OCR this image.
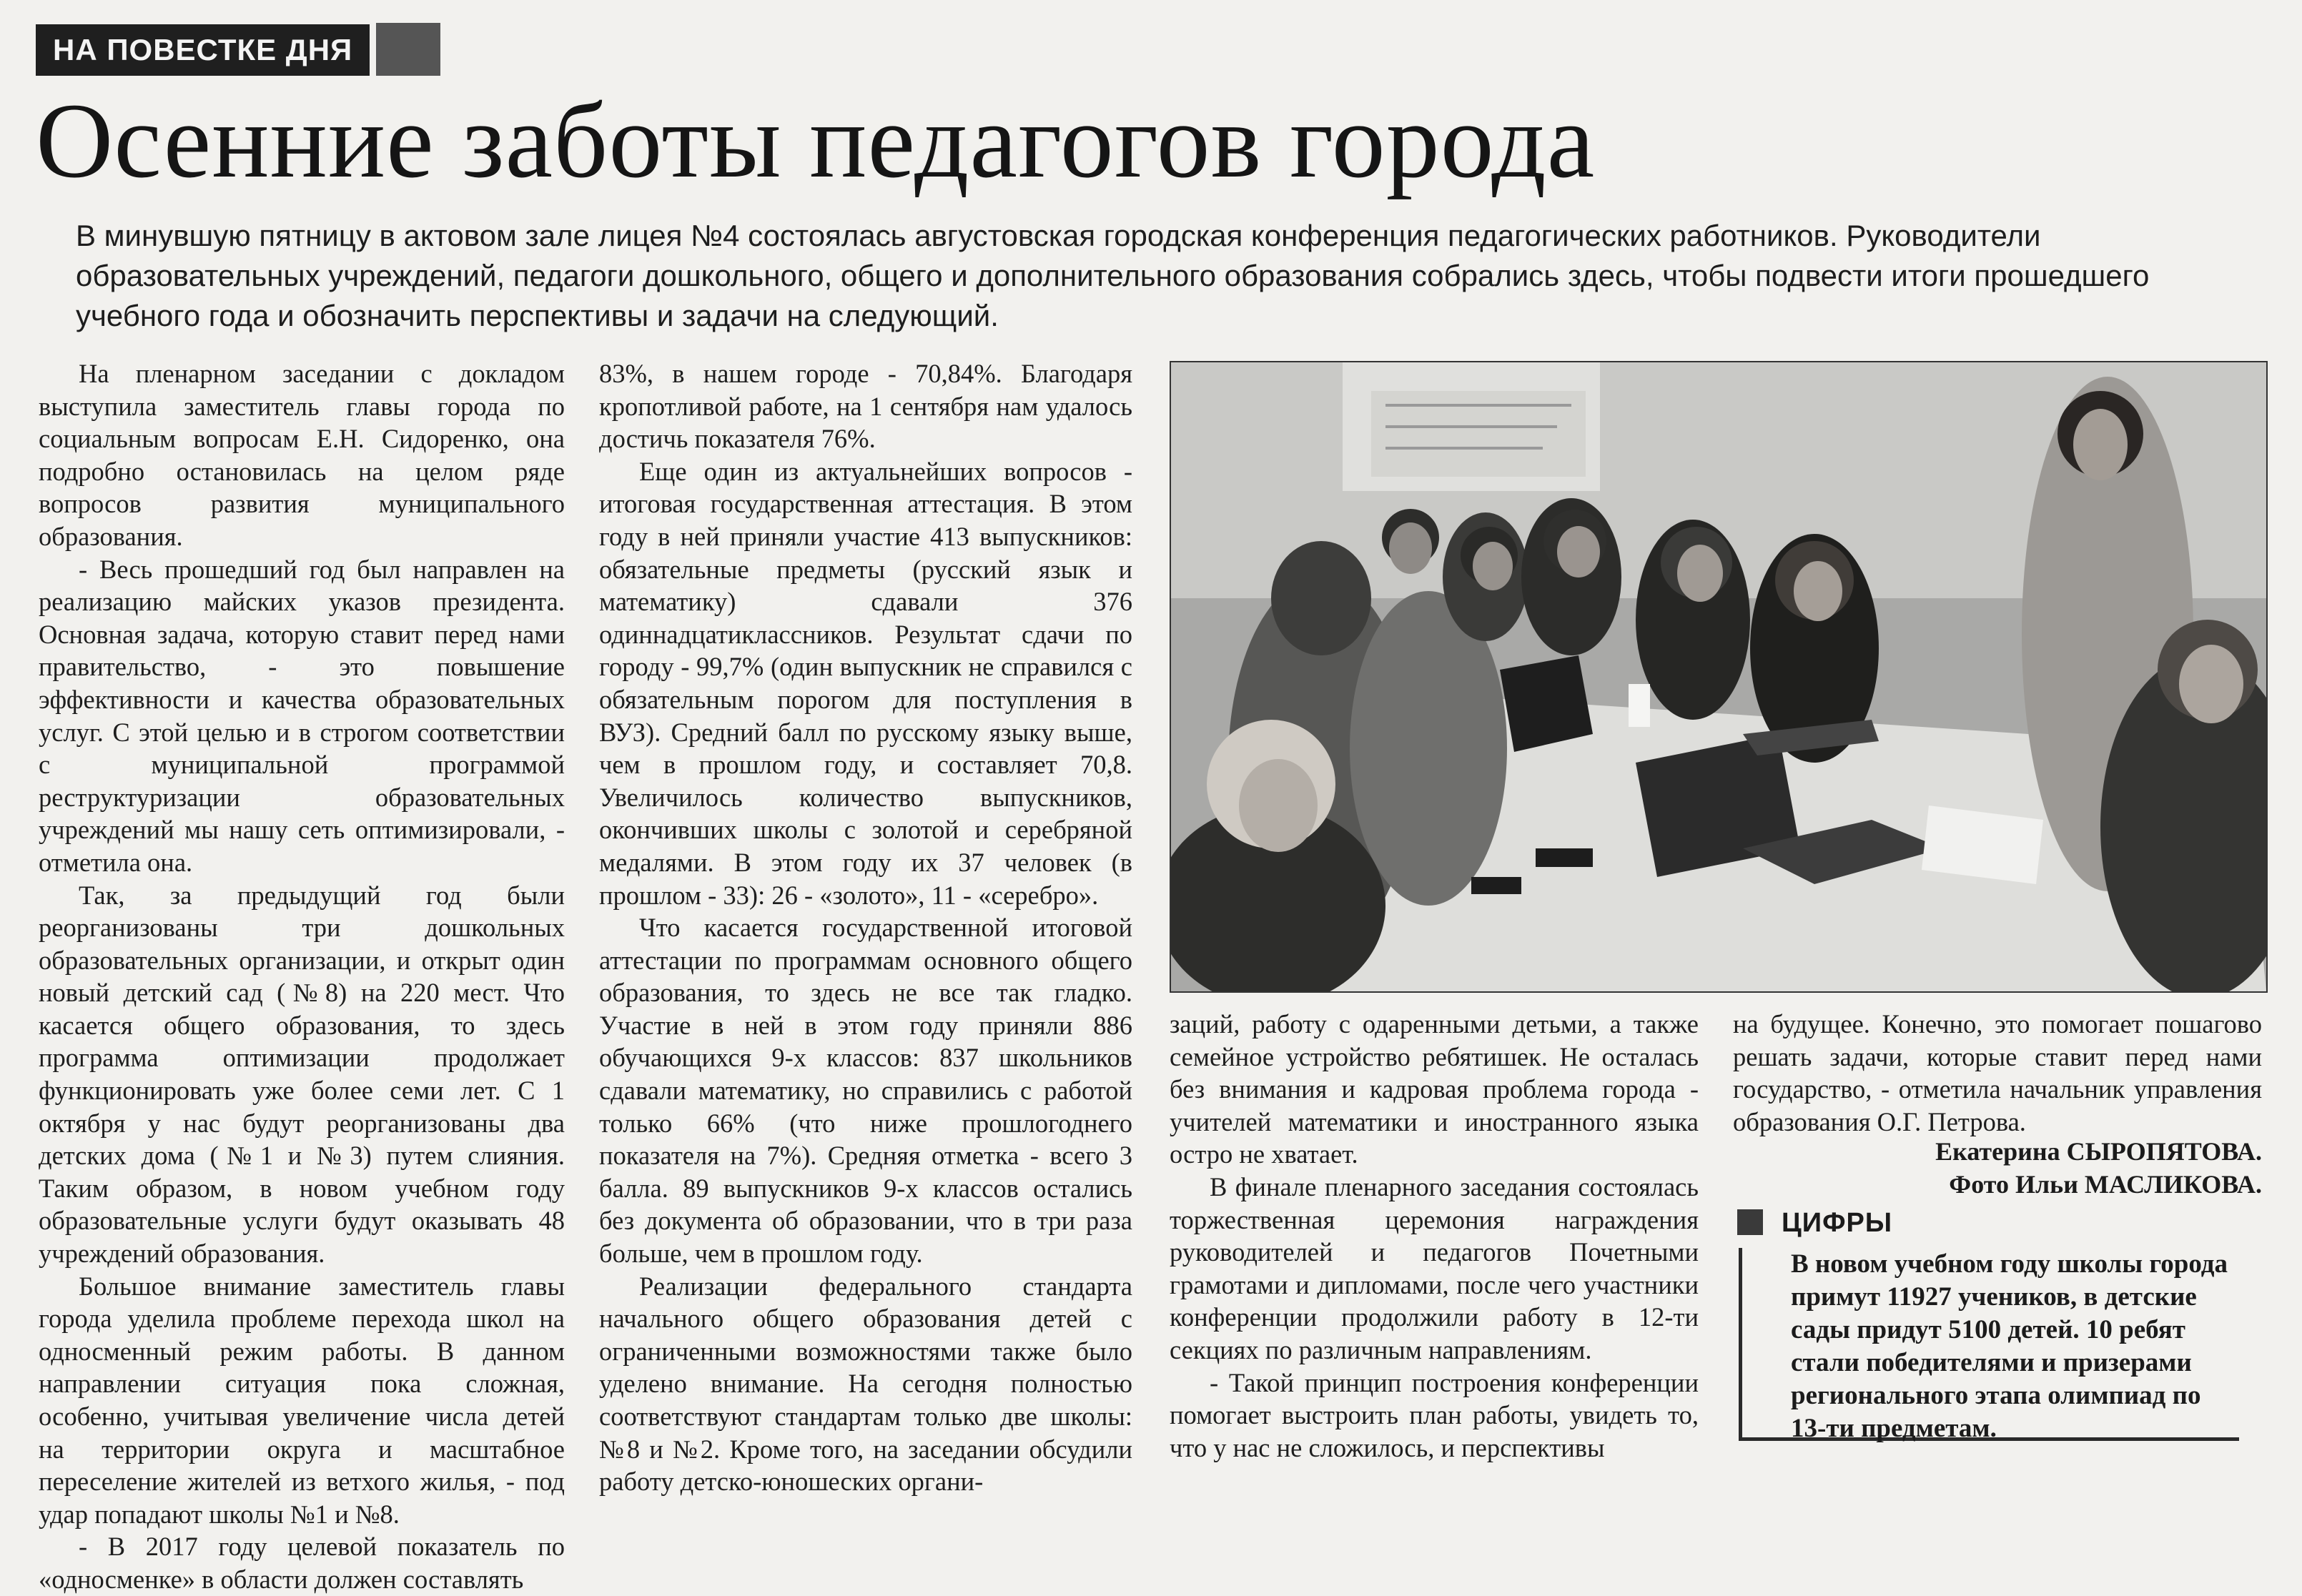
НА ПОВЕСТКЕ ДНЯ
Осенние заботы педагогов города
В минувшую пятницу в актовом зале лицея №4 состоялась августовская городская конференция педагогических работников. Руководители образовательных учреждений, педагоги дошкольного, общего и дополнительного образования собрались здесь, чтобы подвести итоги прошедшего учебного года и обозначить перспективы и задачи на следующий.

На пленарном заседании с докладом выступила заместитель главы города по социальным вопросам Е.Н. Сидоренко, она подробно остановилась на целом ряде вопросов развития муниципального образования.

- Весь прошедший год был направлен на реализацию майских указов президента. Основная задача, которую ставит перед нами правительство, - это повышение эффективности и качества образовательных услуг. С этой целью и в строгом соответствии с муниципальной программой реструктуризации образовательных учреждений мы нашу сеть оптимизировали, - отметила она.

Так, за предыдущий год были реорганизованы три дошкольных образовательных организации, и открыт один новый детский сад (№8) на 220 мест. Что касается общего образования, то здесь программа оптимизации продолжает функционировать уже более семи лет. С 1 октября у нас будут реорганизованы два детских дома (№1 и №3) путем слияния. Таким образом, в новом учебном году образовательные услуги будут оказывать 48 учреждений образования.

Большое внимание заместитель главы города уделила проблеме перехода школ на односменный режим работы. В данном направлении ситуация пока сложная, особенно, учитывая увеличение числа детей на территории округа и масштабное переселение жителей из ветхого жилья, - под удар попадают школы №1 и №8.

- В 2017 году целевой показатель по «односменке» в области должен составлять

83%, в нашем городе - 70,84%. Благодаря кропотливой работе, на 1 сентября нам удалось достичь показателя 76%.

Еще один из актуальнейших вопросов - итоговая государственная аттестация. В этом году в ней приняли участие 413 выпускников: обязательные предметы (русский язык и математику) сдавали 376 одиннадцатиклассников. Результат сдачи по городу - 99,7% (один выпускник не справился с обязательным порогом для поступления в ВУЗ). Средний балл по русскому языку выше, чем в прошлом году, и составляет 70,8. Увеличилось количество выпускников, окончивших школы с золотой и серебряной медалями. В этом году их 37 человек (в прошлом - 33): 26 - «золото», 11 - «серебро».

Что касается государственной итоговой аттестации по программам основного общего образования, то здесь не все так гладко. Участие в ней в этом году приняли 886 обучающихся 9-х классов: 837 школьников сдавали математику, но справились с работой только 66% (что ниже прошлогоднего показателя на 7%). Средняя отметка - всего 3 балла. 89 выпускников 9-х классов остались без документа об образовании, что в три раза больше, чем в прошлом году.

Реализации федерального стандарта начального общего образования детей с ограниченными возможностями также было уделено внимание. На сегодня полностью соответствуют стандартам только две школы: №8 и №2. Кроме того, на заседании обсудили работу детско-юношеских органи-

заций, работу с одаренными детьми, а также семейное устройство ребятишек. Не осталась без внимания и кадровая проблема города - учителей математики и иностранного языка остро не хватает.

В финале пленарного заседания состоялась торжественная церемония награждения руководителей и педагогов Почетными грамотами и дипломами, после чего участники конференции продолжили работу в 12-ти секциях по различным направлениям.

- Такой принцип построения конференции помогает выстроить план работы, увидеть то, что у нас не сложилось, и перспективы

на будущее. Конечно, это помогает пошагово решать задачи, которые ставит перед нами государство, - отметила начальник управления образования О.Г. Петрова.

Екатерина СЫРОПЯТОВА.
Фото Ильи МАСЛИКОВА.
ЦИФРЫ
В новом учебном году школы города примут 11927 учеников, в детские сады придут 5100 детей. 10 ребят стали победителями и призерами регионального этапа олимпиад по 13-ти предметам.
